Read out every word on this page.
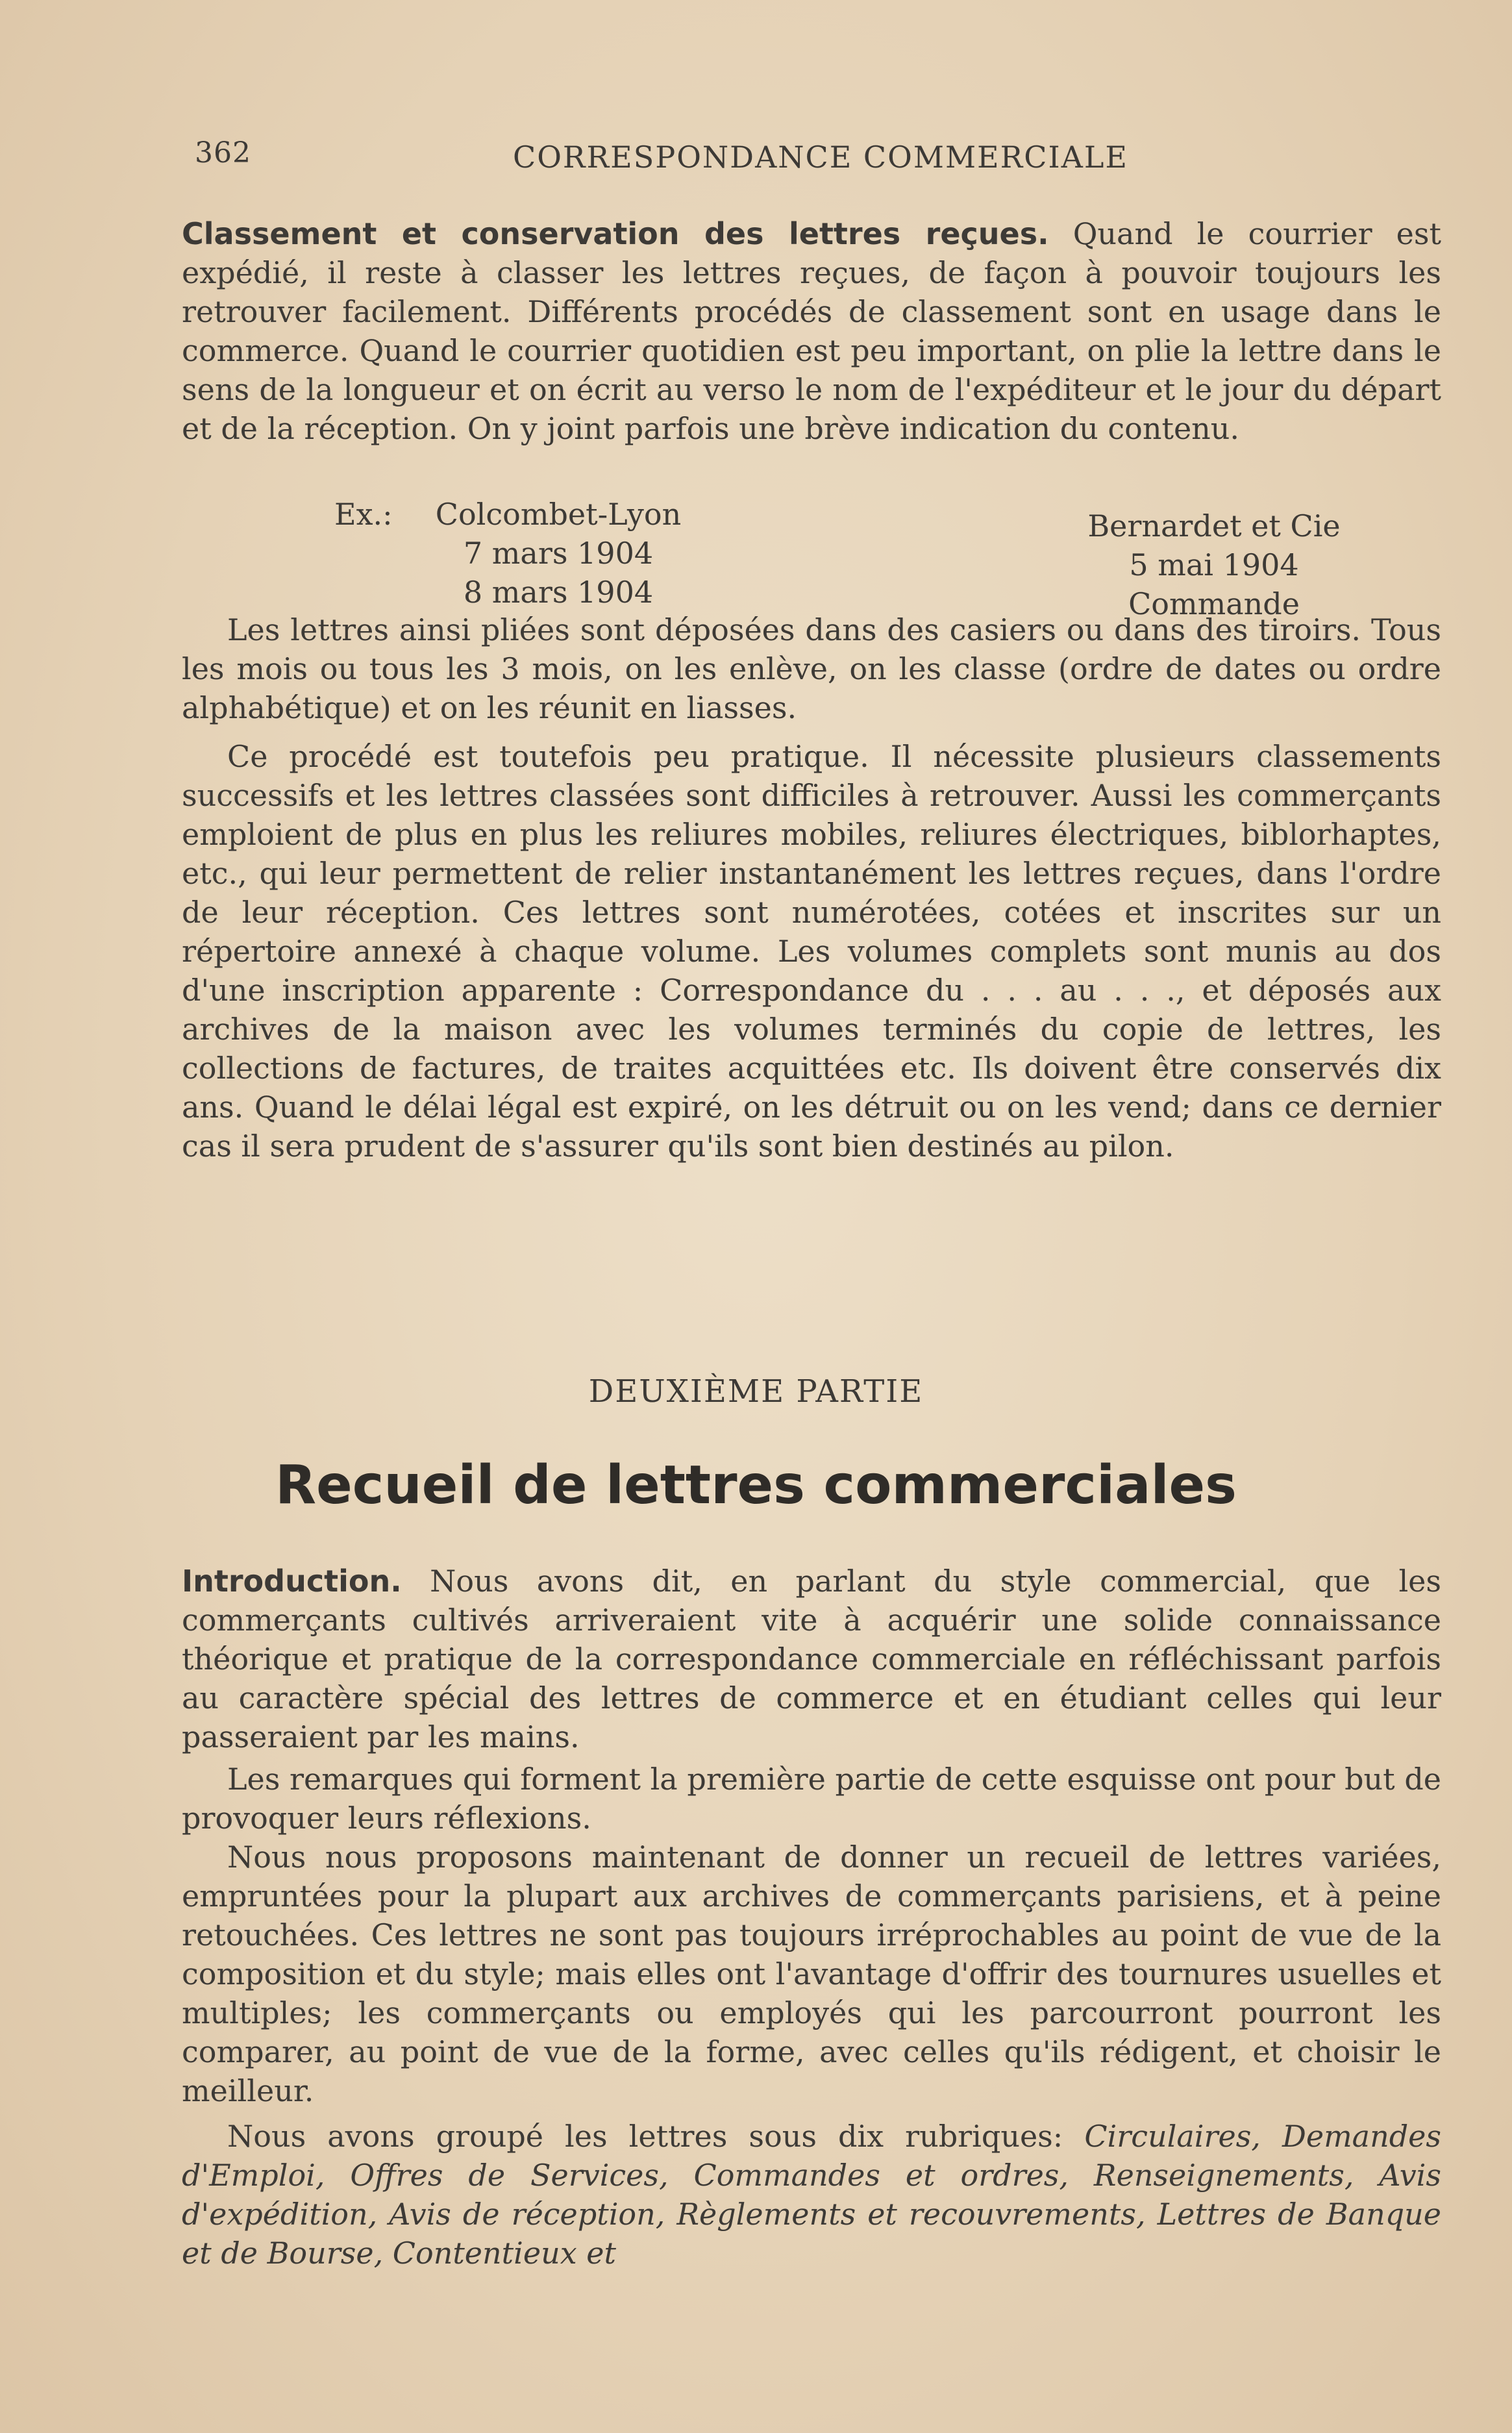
362	CORRESPONDANCE COMMERCIALE

Classement et conservation des lettres reçues. Quand le courrier est expédié, il reste à classer les lettres reçues, de façon à pouvoir toujours les retrouver facilement. Différents procédés de classement sont en usage dans le commerce. Quand le courrier quotidien est peu important, on plie la lettre dans le sens de la longueur et on écrit au verso le nom de l'expéditeur et le jour du départ et de la réception. On y joint parfois une brève indication du contenu.

Ex.: Colcombet-Lyon
7 mars 1904
8 mars 1904
Bernardet et Cie
5 mai 1904
Commande

Les lettres ainsi pliées sont déposées dans des casiers ou dans des tiroirs. Tous les mois ou tous les 3 mois, on les enlève, on les classe (ordre de dates ou ordre alphabétique) et on les réunit en liasses.

Ce procédé est toutefois peu pratique. Il nécessite plusieurs classements successifs et les lettres classées sont difficiles à retrouver. Aussi les commerçants emploient de plus en plus les reliures mobiles, reliures électriques, biblorhaptes, etc., qui leur permettent de relier instantanément les lettres reçues, dans l'ordre de leur réception. Ces lettres sont numérotées, cotées et inscrites sur un répertoire annexé à chaque volume. Les volumes complets sont munis au dos d'une inscription apparente : Correspondance du . . . au . . ., et déposés aux archives de la maison avec les volumes terminés du copie de lettres, les collections de factures, de traites acquittées etc. Ils doivent être conservés dix ans. Quand le délai légal est expiré, on les détruit ou on les vend; dans ce dernier cas il sera prudent de s'assurer qu'ils sont bien destinés au pilon.

DEUXIÈME PARTIE
Recueil de lettres commerciales

Introduction. Nous avons dit, en parlant du style commercial, que les commerçants cultivés arriveraient vite à acquérir une solide connaissance théorique et pratique de la correspondance commerciale en réfléchissant parfois au caractère spécial des lettres de commerce et en étudiant celles qui leur passeraient par les mains.

Les remarques qui forment la première partie de cette esquisse ont pour but de provoquer leurs réflexions.

Nous nous proposons maintenant de donner un recueil de lettres variées, empruntées pour la plupart aux archives de commerçants parisiens, et à peine retouchées. Ces lettres ne sont pas toujours irréprochables au point de vue de la composition et du style; mais elles ont l'avantage d'offrir des tournures usuelles et multiples; les commerçants ou employés qui les parcourront pourront les comparer, au point de vue de la forme, avec celles qu'ils rédigent, et choisir le meilleur.

Nous avons groupé les lettres sous dix rubriques: Circulaires, Demandes d'Emploi, Offres de Services, Commandes et ordres, Renseignements, Avis d'expédition, Avis de réception, Règlements et recouvrements, Lettres de Banque et de Bourse, Contentieux et
